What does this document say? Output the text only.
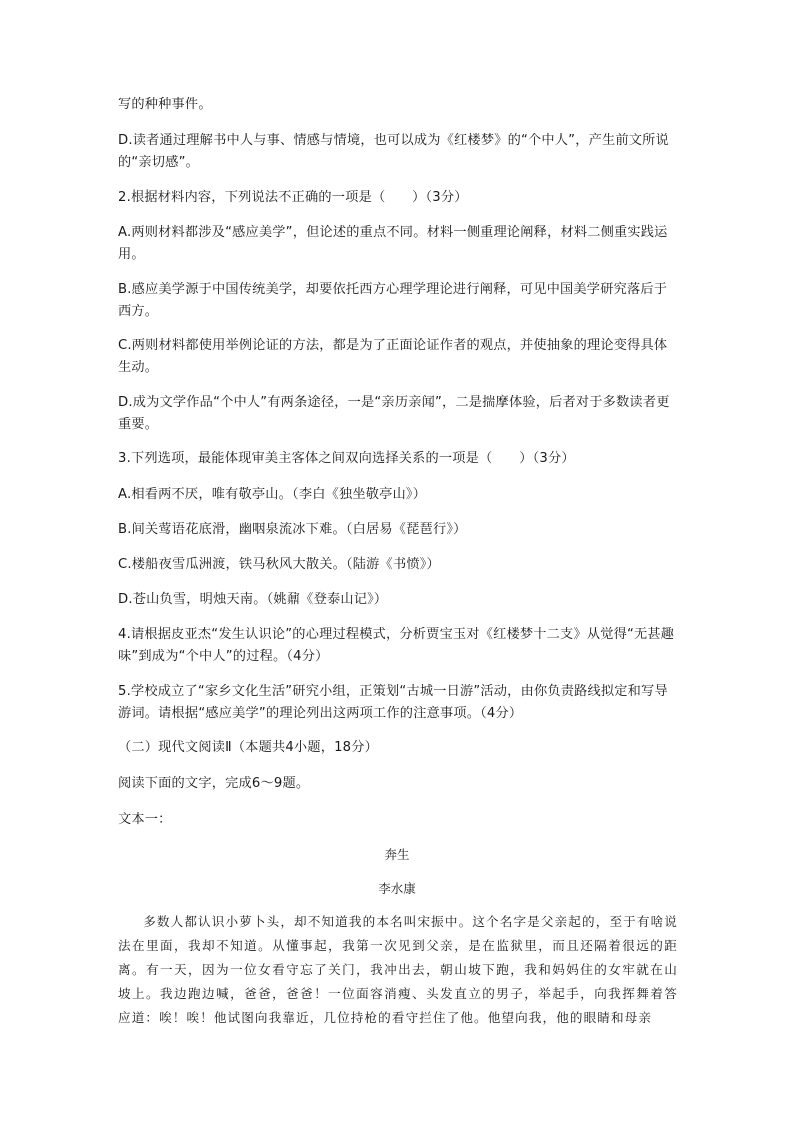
写的种种事件。

D.读者通过理解书中人与事、情感与情境，也可以成为《红楼梦》的“个中人”，产生前文所说的“亲切感”。

2.根据材料内容，下列说法不正确的一项是（　　）（3分）

A.两则材料都涉及“感应美学”，但论述的重点不同。材料一侧重理论阐释，材料二侧重实践运用。

B.感应美学源于中国传统美学，却要依托西方心理学理论进行阐释，可见中国美学研究落后于西方。

C.两则材料都使用举例论证的方法，都是为了正面论证作者的观点，并使抽象的理论变得具体生动。

D.成为文学作品“个中人”有两条途径，一是“亲历亲闻”，二是揣摩体验，后者对于多数读者更重要。

3.下列选项，最能体现审美主客体之间双向选择关系的一项是（　　）（3分）

A.相看两不厌，唯有敬亭山。（李白《独坐敬亭山》）

B.间关莺语花底滑，幽咽泉流冰下难。（白居易《琵琶行》）

C.楼船夜雪瓜洲渡，铁马秋风大散关。（陆游《书愤》）

D.苍山负雪，明烛天南。（姚鼐《登泰山记》）

4.请根据皮亚杰“发生认识论”的心理过程模式，分析贾宝玉对《红楼梦十二支》从觉得“无甚趣味”到成为“个中人”的过程。（4分）

5.学校成立了“家乡文化生活”研究小组，正策划“古城一日游”活动，由你负责路线拟定和写导游词。请根据“感应美学”的理论列出这两项工作的注意事项。（4分）

（二）现代文阅读Ⅱ（本题共4小题，18分）

阅读下面的文字，完成6～9题。

文本一：

奔生

李水康

多数人都认识小萝卜头，却不知道我的本名叫宋振中。这个名字是父亲起的，至于有啥说法在里面，我却不知道。从懂事起，我第一次见到父亲，是在监狱里，而且还隔着很远的距离。有一天，因为一位女看守忘了关门，我冲出去，朝山坡下跑，我和妈妈住的女牢就在山坡上。我边跑边喊，爸爸，爸爸！一位面容消瘦、头发直立的男子，举起手，向我挥舞着答应道：唉！唉！他试图向我靠近，几位持枪的看守拦住了他。他望向我，他的眼睛和母亲
